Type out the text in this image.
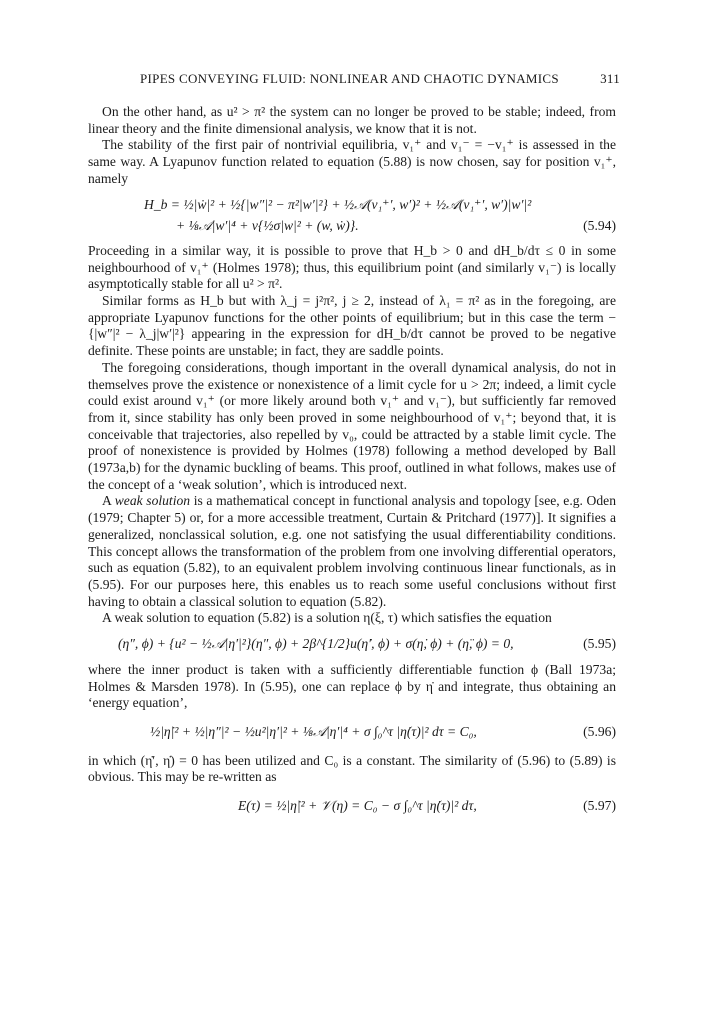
PIPES CONVEYING FLUID: NONLINEAR AND CHAOTIC DYNAMICS	311

On the other hand, as u² > π² the system can no longer be proved to be stable; indeed, from linear theory and the finite dimensional analysis, we know that it is not.

The stability of the first pair of nontrivial equilibria, v₁⁺ and v₁⁻ = −v₁⁺ is assessed in the same way. A Lyapunov function related to equation (5.88) is now chosen, say for position v₁⁺, namely

H_b = ½|ẇ|² + ½{|w″|² − π²|w′|²} + ½𝒜(v₁⁺′, w′)² + ½𝒜(v₁⁺′, w′)|w′|²
+ ⅛𝒜|w′|⁴ + ν{½σ|w|² + (w, ẇ)}.	(5.94)

Proceeding in a similar way, it is possible to prove that H_b > 0 and dH_b/dτ ≤ 0 in some neighbourhood of v₁⁺ (Holmes 1978); thus, this equilibrium point (and similarly v₁⁻) is locally asymptotically stable for all u² > π².

Similar forms as H_b but with λ_j = j²π², j ≥ 2, instead of λ₁ = π² as in the foregoing, are appropriate Lyapunov functions for the other points of equilibrium; but in this case the term −{|w″|² − λ_j|w′|²} appearing in the expression for dH_b/dτ cannot be proved to be negative definite. These points are unstable; in fact, they are saddle points.

The foregoing considerations, though important in the overall dynamical analysis, do not in themselves prove the existence or nonexistence of a limit cycle for u > 2π; indeed, a limit cycle could exist around v₁⁺ (or more likely around both v₁⁺ and v₁⁻), but sufficiently far removed from it, since stability has only been proved in some neighbourhood of v₁⁺; beyond that, it is conceivable that trajectories, also repelled by v₀, could be attracted by a stable limit cycle. The proof of nonexistence is provided by Holmes (1978) following a method developed by Ball (1973a,b) for the dynamic buckling of beams. This proof, outlined in what follows, makes use of the concept of a ‘weak solution’, which is introduced next.

A weak solution is a mathematical concept in functional analysis and topology [see, e.g. Oden (1979; Chapter 5) or, for a more accessible treatment, Curtain & Pritchard (1977)]. It signifies a generalized, nonclassical solution, e.g. one not satisfying the usual differentiability conditions. This concept allows the transformation of the problem from one involving differential operators, such as equation (5.82), to an equivalent problem involving continuous linear functionals, as in (5.95). For our purposes here, this enables us to reach some useful conclusions without first having to obtain a classical solution to equation (5.82).

A weak solution to equation (5.82) is a solution η(ξ, τ) which satisfies the equation

(η″, ϕ) + {u² − ½𝒜|η′|²}(η″, ϕ) + 2β^{1/2}u(η̇′, ϕ) + σ(η̇, ϕ) + (η̈, ϕ) = 0,	(5.95)

where the inner product is taken with a sufficiently differentiable function ϕ (Ball 1973a; Holmes & Marsden 1978). In (5.95), one can replace ϕ by η̇ and integrate, thus obtaining an ‘energy equation’,

½|η̇|² + ½|η″|² − ½u²|η′|² + ⅛𝒜|η′|⁴ + σ ∫₀^τ |η̇(τ)|² dτ = C₀,	(5.96)

in which (η̇′, η̇) = 0 has been utilized and C₀ is a constant. The similarity of (5.96) to (5.89) is obvious. This may be re-written as

E(τ) = ½|η̇|² + 𝒱(η) = C₀ − σ ∫₀^τ |η̇(τ)|² dτ,	(5.97)
